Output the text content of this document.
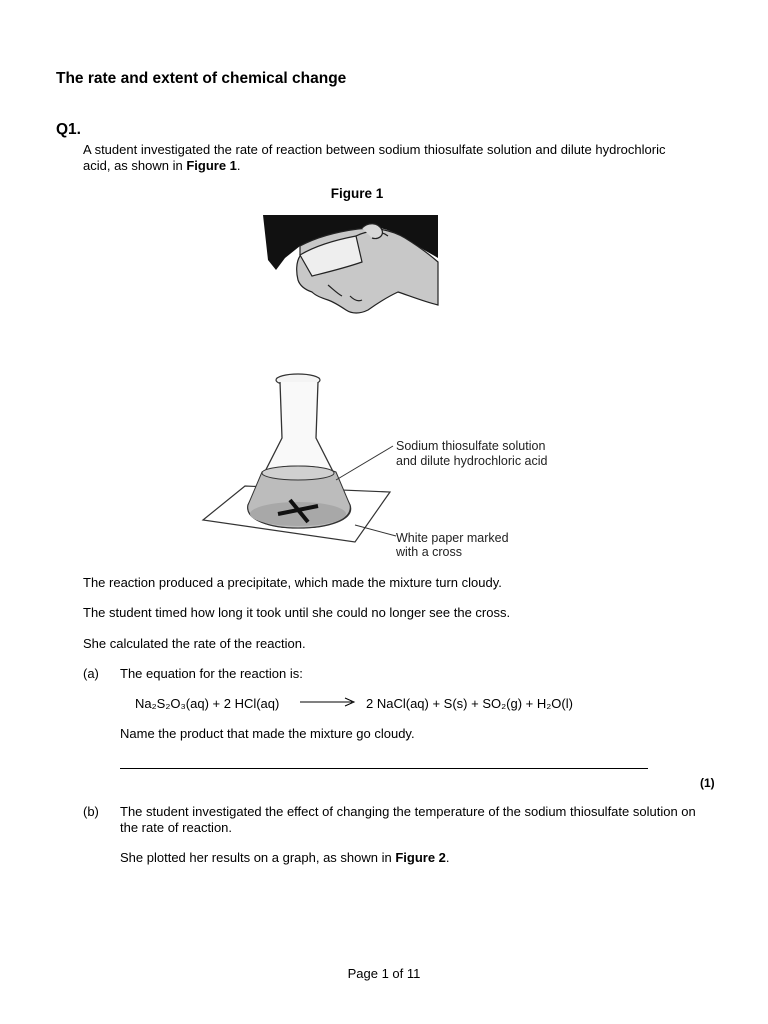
The rate and extent of chemical change
Q1.
A student investigated the rate of reaction between sodium thiosulfate solution and dilute hydrochloric acid, as shown in Figure 1.
Figure 1
Sodium thiosulfate solution
and dilute hydrochloric acid
White paper marked
with a cross
The reaction produced a precipitate, which made the mixture turn cloudy.
The student timed how long it took until she could no longer see the cross.
She calculated the rate of the reaction.
(a) The equation for the reaction is:
Na₂S₂O₃(aq) + 2 HCl(aq) → 2 NaCl(aq) + S(s) + SO₂(g) + H₂O(l)
Name the product that made the mixture go cloudy.
(1)
(b) The student investigated the effect of changing the temperature of the sodium thiosulfate solution on the rate of reaction.
She plotted her results on a graph, as shown in Figure 2.
Page 1 of 11
